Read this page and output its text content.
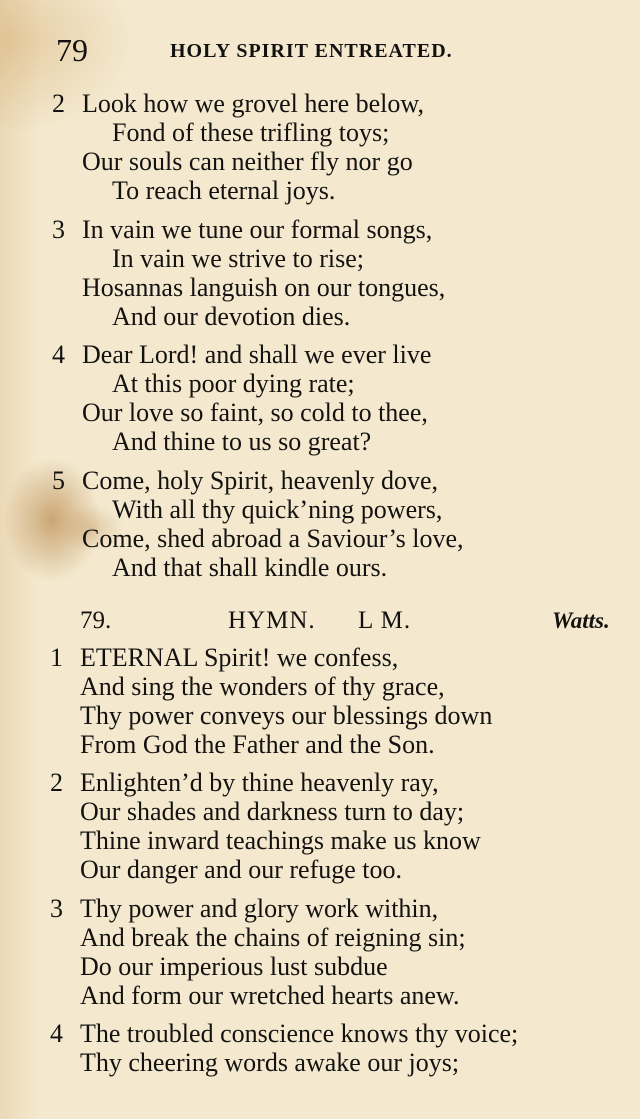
79	HOLY SPIRIT ENTREATED.
2 Look how we grovel here below,
Fond of these trifling toys;
Our souls can neither fly nor go
To reach eternal joys.
3 In vain we tune our formal songs,
In vain we strive to rise;
Hosannas languish on our tongues,
And our devotion dies.
4 Dear Lord! and shall we ever live
At this poor dying rate;
Our love so faint, so cold to thee,
And thine to us so great?
5 Come, holy Spirit, heavenly dove,
With all thy quick’ning powers,
Come, shed abroad a Saviour’s love,
And that shall kindle ours.
79.	HYMN. L M.	Watts.
1 ETERNAL Spirit! we confess,
And sing the wonders of thy grace,
Thy power conveys our blessings down
From God the Father and the Son.
2 Enlighten’d by thine heavenly ray,
Our shades and darkness turn to day;
Thine inward teachings make us know
Our danger and our refuge too.
3 Thy power and glory work within,
And break the chains of reigning sin;
Do our imperious lust subdue
And form our wretched hearts anew.
4 The troubled conscience knows thy voice;
Thy cheering words awake our joys;
